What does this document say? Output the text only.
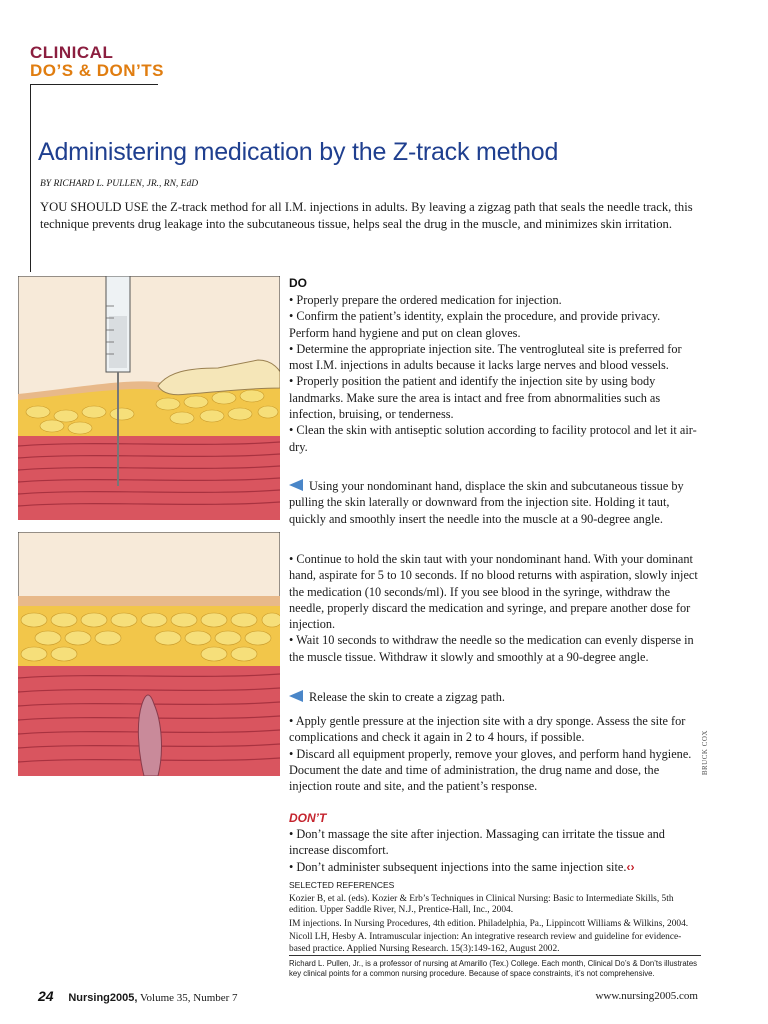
CLINICAL
DO’S & DON’TS
Administering medication by the Z-track method
BY RICHARD L. PULLEN, JR., RN, EdD
YOU SHOULD USE the Z-track method for all I.M. injections in adults. By leaving a zigzag path that seals the needle track, this technique prevents drug leakage into the subcutaneous tissue, helps seal the drug in the muscle, and minimizes skin irritation.
DO

• Properly prepare the ordered medication for injection.

• Confirm the patient’s identity, explain the procedure, and provide privacy. Perform hand hygiene and put on clean gloves.

• Determine the appropriate injection site. The ventrogluteal site is preferred for most I.M. injections in adults because it lacks large nerves and blood vessels.

• Properly position the patient and identify the injection site by using body landmarks. Make sure the area is intact and free from abnormalities such as infection, bruising, or tenderness.

• Clean the skin with antiseptic solution according to facility protocol and let it air-dry.

Using your nondominant hand, displace the skin and subcutaneous tissue by pulling the skin laterally or downward from the injection site. Holding it taut, quickly and smoothly insert the needle into the muscle at a 90-degree angle.

• Continue to hold the skin taut with your nondominant hand. With your dominant hand, aspirate for 5 to 10 seconds. If no blood returns with aspiration, slowly inject the medication (10 seconds/ml). If you see blood in the syringe, withdraw the needle, properly discard the medication and syringe, and prepare another dose for injection.

• Wait 10 seconds to withdraw the needle so the medication can evenly disperse in the muscle tissue. Withdraw it slowly and smoothly at a 90-degree angle.

Release the skin to create a zigzag path.

• Apply gentle pressure at the injection site with a dry sponge. Assess the site for complications and check it again in 2 to 4 hours, if possible.

• Discard all equipment properly, remove your gloves, and perform hand hygiene. Document the date and time of administration, the drug name and dose, the injection route and site, and the patient’s response.

DON’T

• Don’t massage the site after injection. Massaging can irritate the tissue and increase discomfort.

• Don’t administer subsequent injections into the same injection site.‹›

SELECTED REFERENCES

Kozier B, et al. (eds). Kozier & Erb’s Techniques in Clinical Nursing: Basic to Intermediate Skills, 5th edition. Upper Saddle River, N.J., Prentice-Hall, Inc., 2004.

IM injections. In Nursing Procedures, 4th edition. Philadelphia, Pa., Lippincott Williams & Wilkins, 2004.

Nicoll LH, Hesby A. Intramuscular injection: An integrative research review and guideline for evidence-based practice. Applied Nursing Research. 15(3):149-162, August 2002.

Richard L. Pullen, Jr., is a professor of nursing at Amarillo (Tex.) College. Each month, Clinical Do’s & Don’ts illustrates key clinical points for a common nursing procedure. Because of space constraints, it’s not comprehensive.
BRUCK COX
24 Nursing2005, Volume 35, Number 7	www.nursing2005.com
